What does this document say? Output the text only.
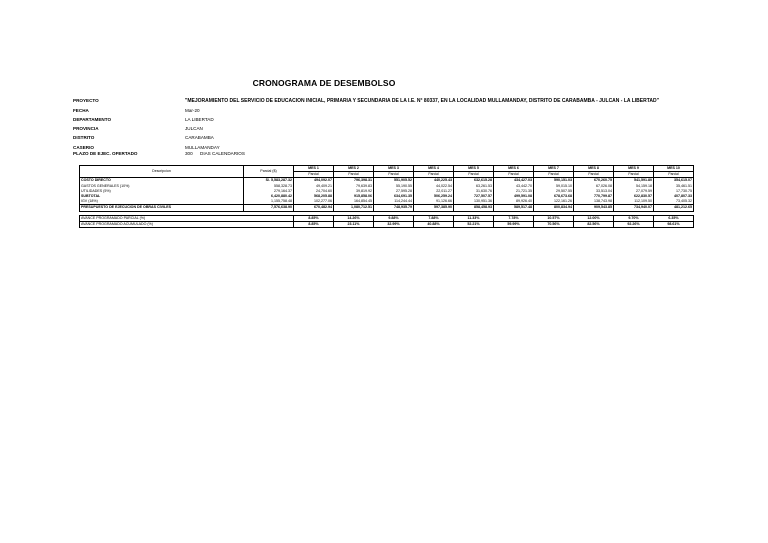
CRONOGRAMA DE DESEMBOLSO
PROYECTO	"MEJORAMIENTO DEL SERVICIO DE EDUCACION INICIAL, PRIMARIA Y SECUNDARIA DE LA I.E. N° 80337, EN LA LOCALIDAD MULLAMANDAY, DISTRITO DE CARABAMBA - JULCAN - LA LIBERTAD"
FECHA	Mar-20
DEPARTAMENTO	LA LIBERTAD
PROVINCIA	JULCAN
DISTRITO	CARABAMBA
CASERIO	MULLAMANDAY
PLAZO DE EJEC. OFERTADO	300 DIAS CALENDARIOS
Descripcion	Parcial ($)	MES 1	MES 2	MES 3	MES 4	MES 5	MES 6	MES 7	MES 8	MES 9	MES 10
		Parcial	Parcial	Parcial	Parcial	Parcial	Parcial	Parcial	Parcial	Parcial	Parcial
COSTO DIRECTO	S/. 5,583,287.32	494,092.07	796,398.31	551,905.52	440,225.43	632,615.28	434,427.03	590,151.03	670,260.75	541,591.80	354,615.07
GASTOS GENERALES (10%)	558,328.73	49,409.21	79,639.83	55,190.55	44,022.54	63,261.53	43,442.70	59,015.10	67,026.08	54,159.18	35,461.51
UTILIDADES (5%)	279,164.37	24,704.60	39,819.92	27,595.28	22,011.27	31,630.76	21,721.35	29,507.55	33,513.04	27,079.59	17,730.75
SUBTOTAL	6,420,880.42	568,205.88	915,858.06	634,691.35	506,259.24	727,507.57	499,591.08	678,673.68	770,799.87	622,830.57	407,807.33
IGV (18%)	1,155,758.48	102,277.06	164,854.45	114,244.44	91,126.66	130,951.36	89,926.40	122,161.26	138,743.98	112,109.50	73,405.32
PRESUPUESTO DE EJECUCION DE OBRAS CIVILES	7,576,638.90	670,482.94	1,080,712.51	748,935.79	597,385.90	858,458.93	589,517.48	800,834.94	909,543.85	734,940.07	481,212.65

AVANCE PROGRAMADO PARCIAL (%)		8.85%	14.26%	9.88%	7.88%	11.33%	7.78%	10.57%	12.00%	9.70%	6.35%
AVANCE PROGRAMADO ACUMULADO (%)		8.85%	23.11%	32.99%	40.88%	52.21%	59.99%	70.56%	82.56%	92.26%	98.61%
